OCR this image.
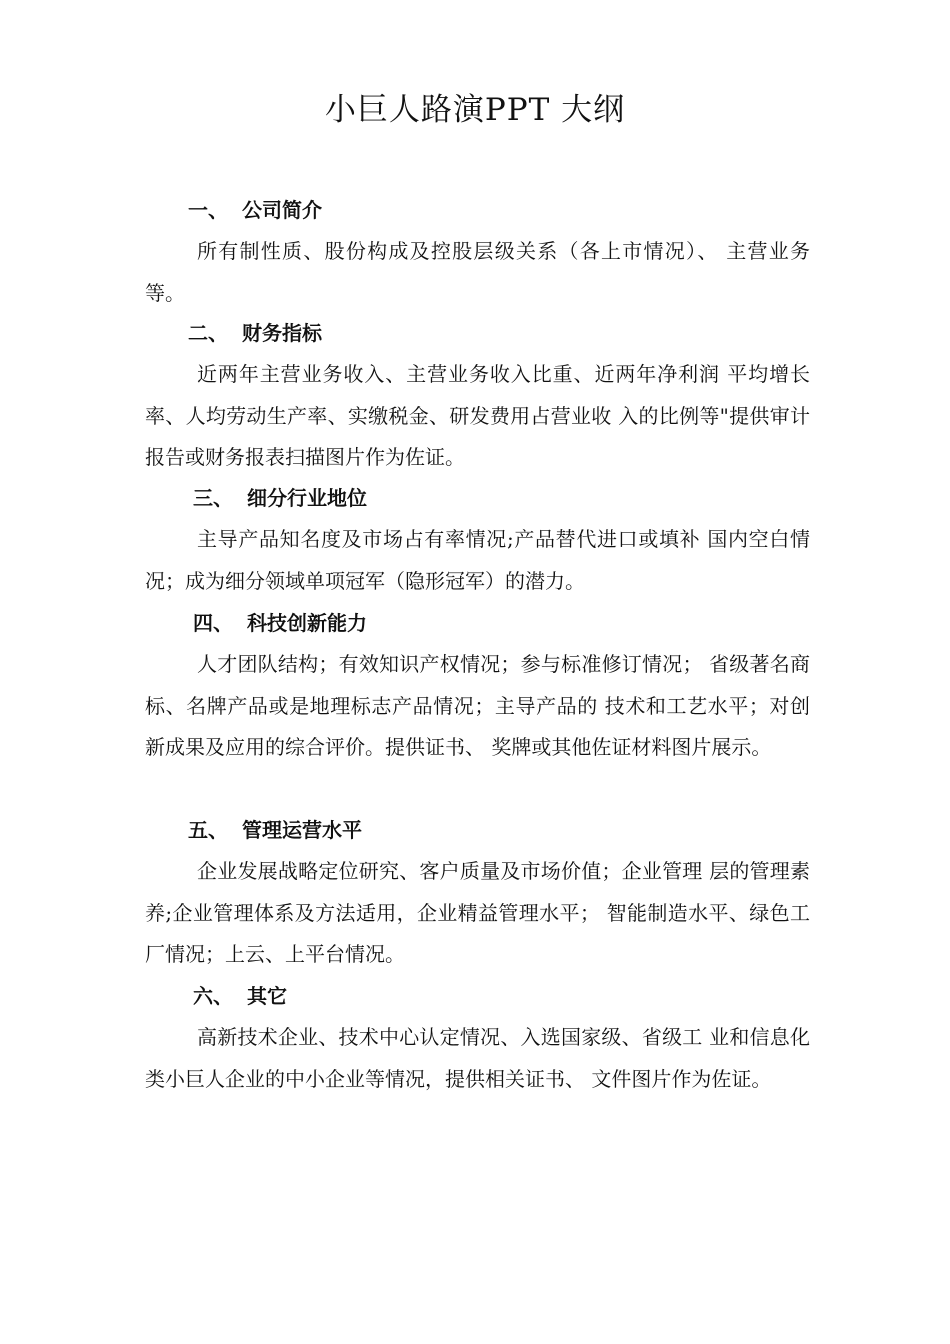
小巨人路演PPT 大纲
一、 公司简介

所有制性质、股份构成及控股层级关系（各上市情况）、 主营业务等。

二、 财务指标

近两年主营业务收入、主营业务收入比重、近两年净利润 平均增长率、人均劳动生产率、实缴税金、研发费用占营业收 入的比例等"提供审计报告或财务报表扫描图片作为佐证。

三、 细分行业地位

主导产品知名度及市场占有率情况;产品替代进口或填补 国内空白情况；成为细分领域单项冠军（隐形冠军）的潜力。

四、 科技创新能力

人才团队结构；有效知识产权情况；参与标准修订情况； 省级著名商标、名牌产品或是地理标志产品情况；主导产品的 技术和工艺水平；对创新成果及应用的综合评价。提供证书、 奖牌或其他佐证材料图片展示。

五、 管理运营水平

企业发展战略定位研究、客户质量及市场价值；企业管理 层的管理素养;企业管理体系及方法适用，企业精益管理水平； 智能制造水平、绿色工厂情况；上云、上平台情况。

六、 其它

高新技术企业、技术中心认定情况、入选国家级、省级工 业和信息化类小巨人企业的中小企业等情况，提供相关证书、 文件图片作为佐证。
